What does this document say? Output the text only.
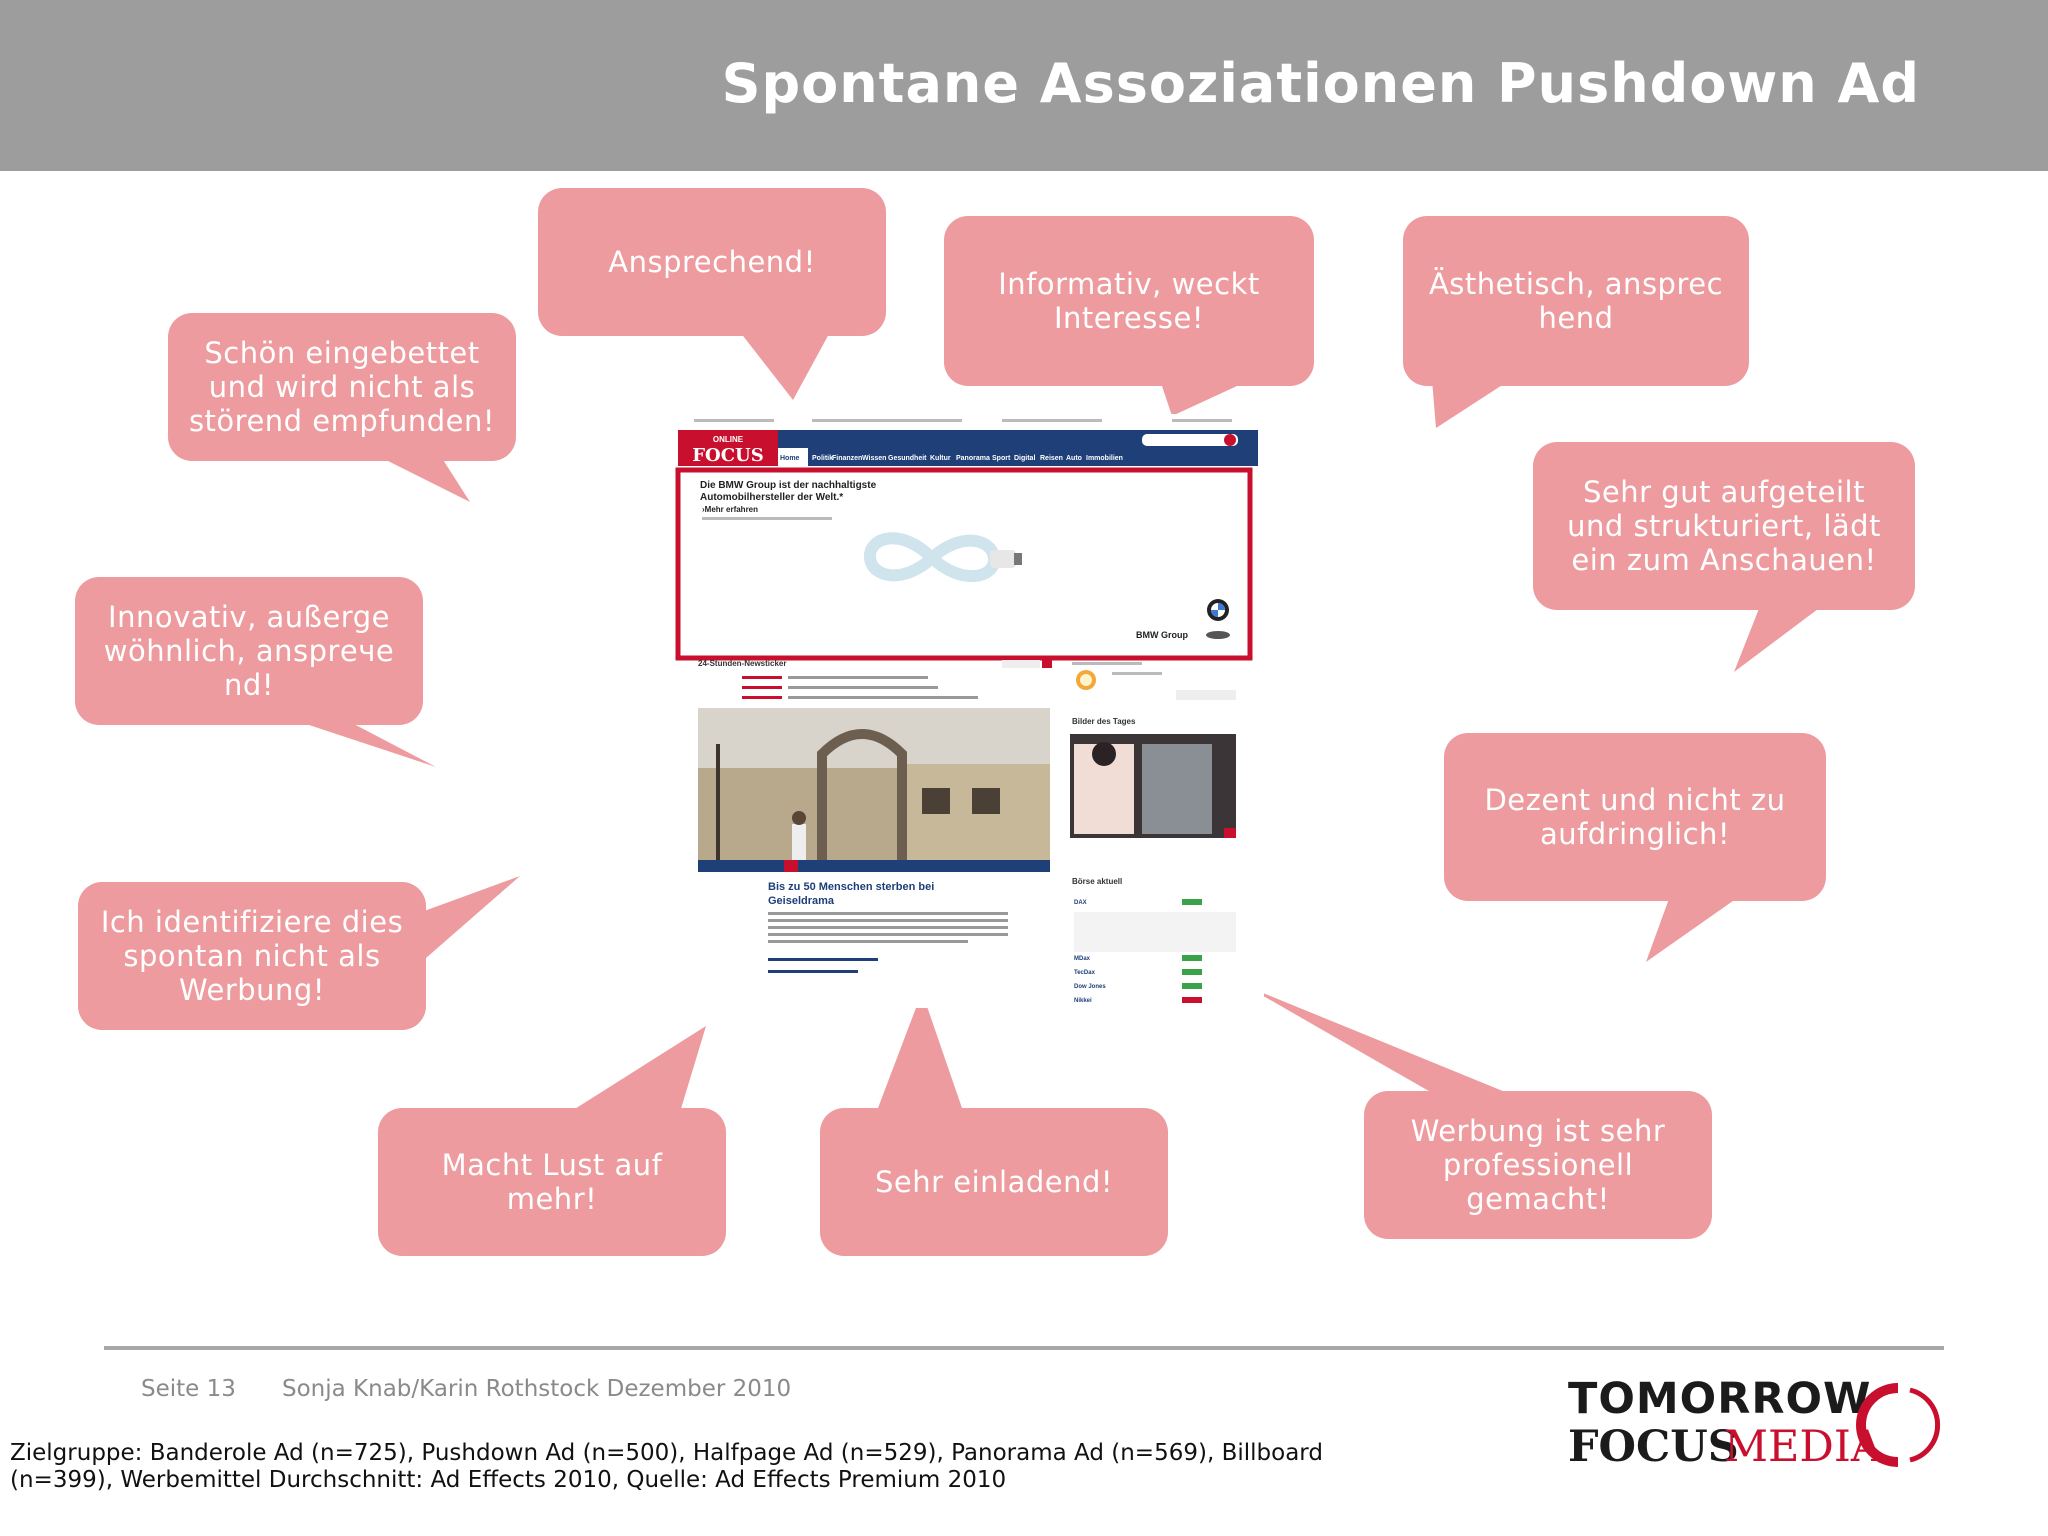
Spontane Assoziationen Pushdown Ad
Ansprechend!
Informativ, weckt
Interesse!
Ästhetisch, ansprec
hend
Schön eingebettet
und wird nicht als
störend empfunden!
Sehr gut aufgeteilt
und strukturiert, lädt
ein zum Anschauen!
Innovativ, außerge
wöhnlich, ansprече
nd!
Dezent und nicht zu
aufdringlich!
Ich identifiziere dies
spontan nicht als
Werbung!
Macht Lust auf
mehr!	Sehr einladend!
Werbung ist sehr
professionell
gemacht!
ONLINE
FOCUS Home Politik
Finanzen Wissen Gesundheit Kultur Panorama Sport Digital Reisen Auto Immobilien
Die BMW Group ist der nachhaltigste
Automobilhersteller der Welt.*
›Mehr erfahren
BMW Group
24-Stunden-Newsticker
Bis zu 50 Menschen sterben bei
Geiseldrama
Bilder des Tages
Börse aktuell
DAX
MDax
TecDax
Dow Jones
Nikkei
Seite 13 Sonja Knab/Karin Rothstock Dezember 2010
Zielgruppe: Banderole Ad (n=725), Pushdown Ad (n=500), Halfpage Ad (n=529), Panorama Ad (n=569), Billboard (n=399), Werbemittel Durchschnitt: Ad Effects 2010, Quelle: Ad Effects Premium 2010
TOMORROW
FOCUS
MEDIA
